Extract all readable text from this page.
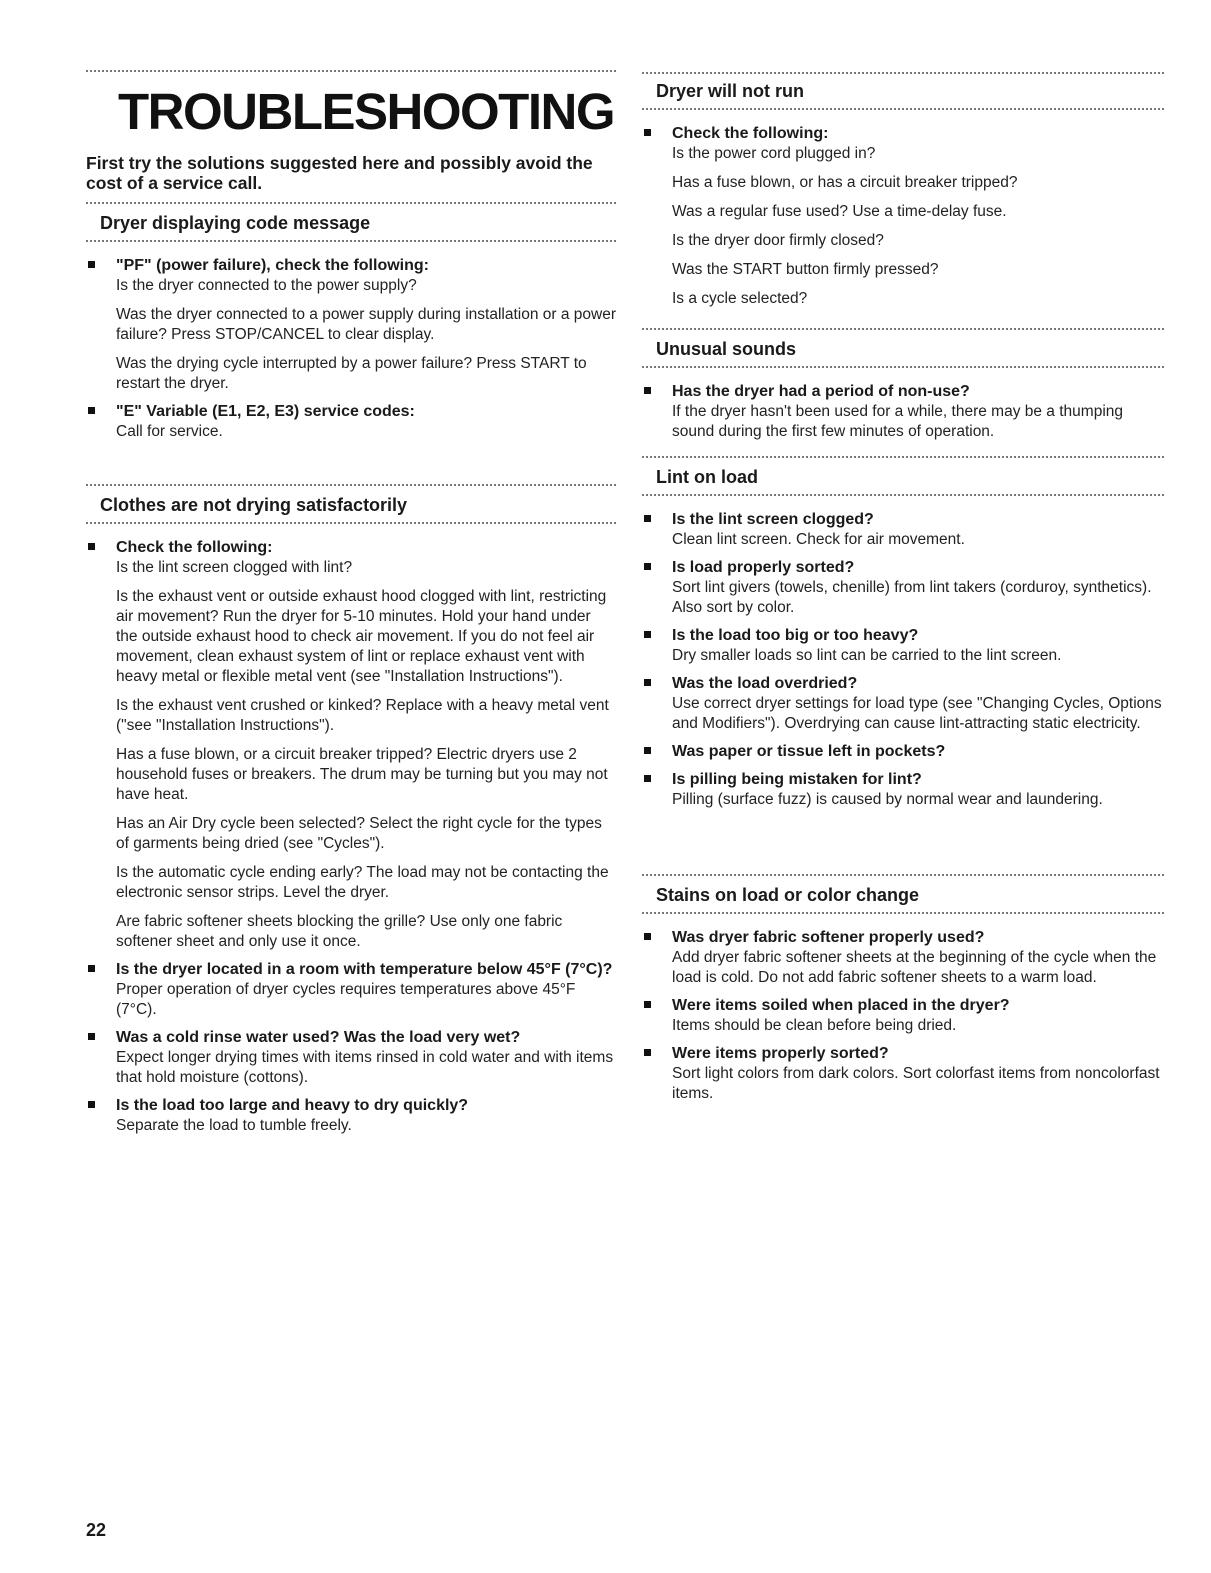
TROUBLESHOOTING

First try the solutions suggested here and possibly avoid the cost of a service call.

Dryer displaying code message

"PF" (power failure), check the following:

Is the dryer connected to the power supply?

Was the dryer connected to a power supply during installation or a power failure? Press STOP/CANCEL to clear display.

Was the drying cycle interrupted by a power failure? Press START to restart the dryer.

"E" Variable (E1, E2, E3) service codes:

Call for service.

Clothes are not drying satisfactorily

Check the following:

Is the lint screen clogged with lint?

Is the exhaust vent or outside exhaust hood clogged with lint, restricting air movement? Run the dryer for 5-10 minutes. Hold your hand under the outside exhaust hood to check air movement. If you do not feel air movement, clean exhaust system of lint or replace exhaust vent with heavy metal or flexible metal vent (see "Installation Instructions").

Is the exhaust vent crushed or kinked? Replace with a heavy metal vent ("see "Installation Instructions").

Has a fuse blown, or a circuit breaker tripped? Electric dryers use 2 household fuses or breakers. The drum may be turning but you may not have heat.

Has an Air Dry cycle been selected? Select the right cycle for the types of garments being dried (see "Cycles").

Is the automatic cycle ending early? The load may not be contacting the electronic sensor strips. Level the dryer.

Are fabric softener sheets blocking the grille? Use only one fabric softener sheet and only use it once.

Is the dryer located in a room with temperature below 45°F (7°C)?

Proper operation of dryer cycles requires temperatures above 45°F (7°C).

Was a cold rinse water used? Was the load very wet?

Expect longer drying times with items rinsed in cold water and with items that hold moisture (cottons).

Is the load too large and heavy to dry quickly?

Separate the load to tumble freely.

Dryer will not run

Check the following:

Is the power cord plugged in?

Has a fuse blown, or has a circuit breaker tripped?

Was a regular fuse used? Use a time-delay fuse.

Is the dryer door firmly closed?

Was the START button firmly pressed?

Is a cycle selected?

Unusual sounds

Has the dryer had a period of non-use?

If the dryer hasn't been used for a while, there may be a thumping sound during the first few minutes of operation.

Lint on load

Is the lint screen clogged?

Clean lint screen. Check for air movement.

Is load properly sorted?

Sort lint givers (towels, chenille) from lint takers (corduroy, synthetics). Also sort by color.

Is the load too big or too heavy?

Dry smaller loads so lint can be carried to the lint screen.

Was the load overdried?

Use correct dryer settings for load type (see "Changing Cycles, Options and Modifiers"). Overdrying can cause lint-attracting static electricity.

Was paper or tissue left in pockets?

Is pilling being mistaken for lint?

Pilling (surface fuzz) is caused by normal wear and laundering.

Stains on load or color change

Was dryer fabric softener properly used?

Add dryer fabric softener sheets at the beginning of the cycle when the load is cold. Do not add fabric softener sheets to a warm load.

Were items soiled when placed in the dryer?

Items should be clean before being dried.

Were items properly sorted?

Sort light colors from dark colors. Sort colorfast items from noncolorfast items.

22
